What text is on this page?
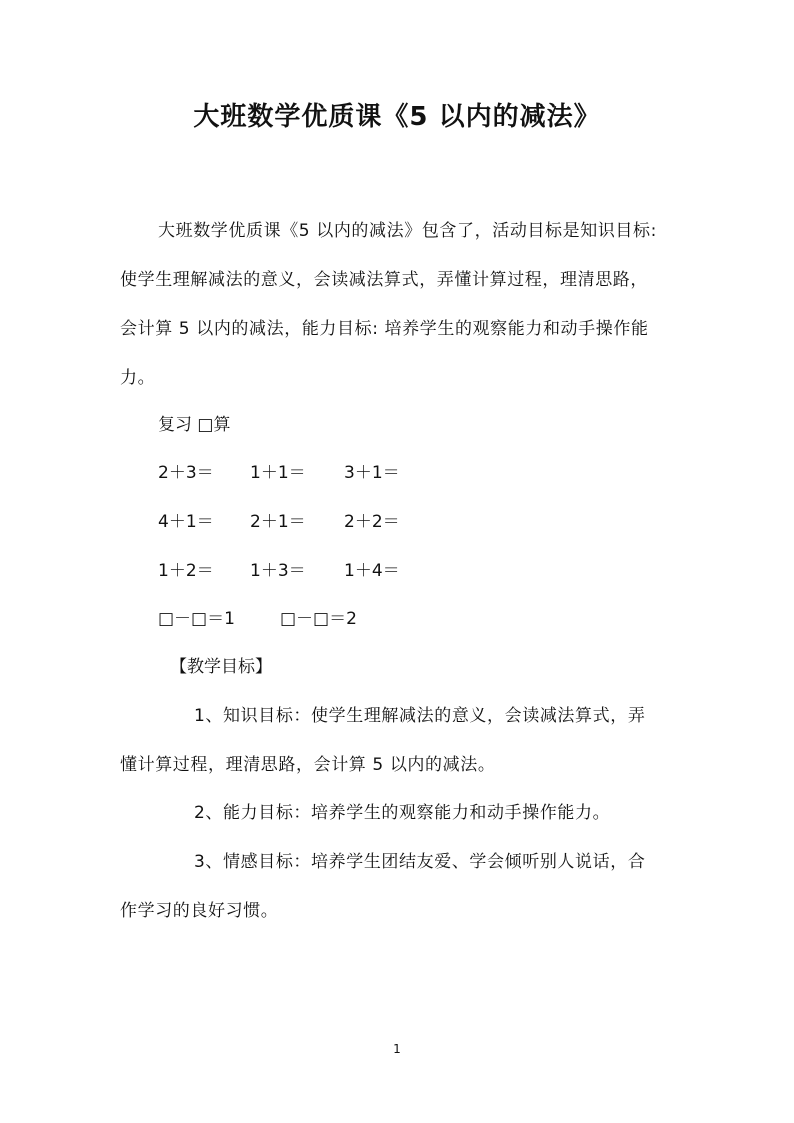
大班数学优质课《5 以内的减法》
大班数学优质课《5 以内的减法》包含了，活动目标是知识目标:
使学生理解减法的意义，会读减法算式，弄懂计算过程，理清思路，
会计算 5 以内的减法，能力目标: 培养学生的观察能力和动手操作能
力。
复习 □算
2＋3＝ 1＋1＝ 3＋1＝
4＋1＝ 2＋1＝ 2＋2＝
1＋2＝ 1＋3＝ 1＋4＝
□－□＝1	□－□＝2
【教学目标】
1、知识目标：使学生理解减法的意义，会读减法算式，弄
懂计算过程，理清思路，会计算 5 以内的减法。
2、能力目标：培养学生的观察能力和动手操作能力。
3、情感目标：培养学生团结友爱、学会倾听别人说话，合
作学习的良好习惯。
1
